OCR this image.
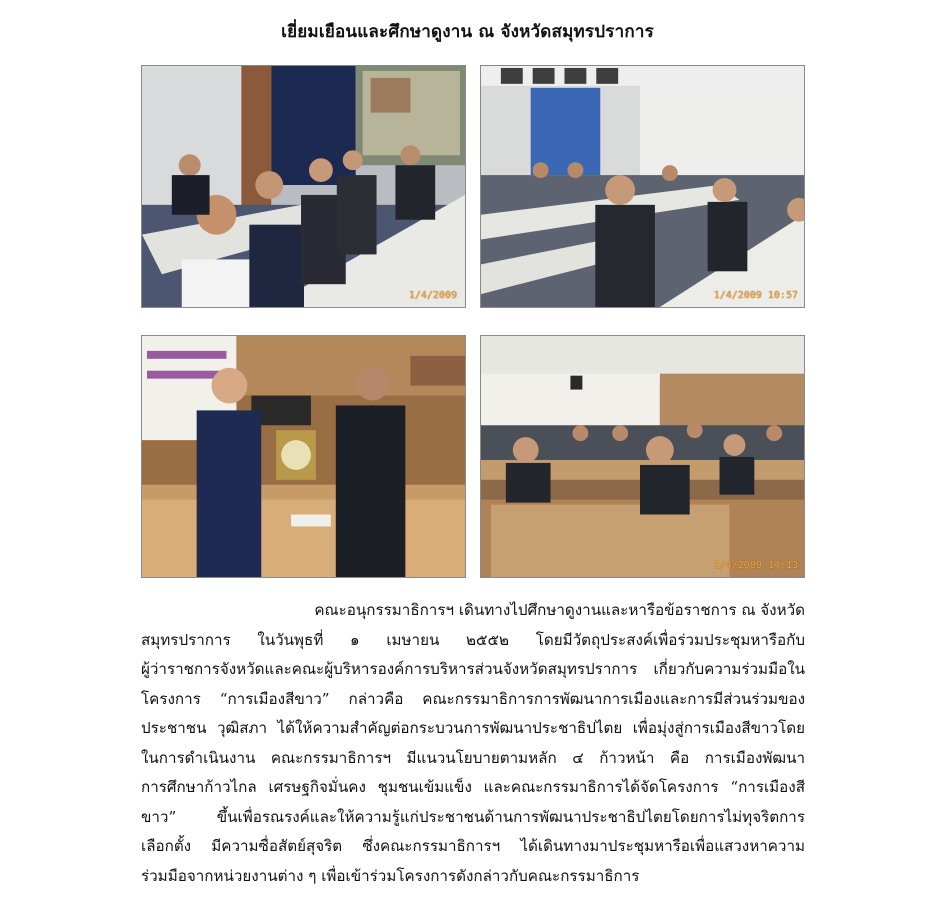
เยี่ยมเยือนและศึกษาดูงาน ณ จังหวัดสมุทรปราการ
1/4/2009	1/4/2009 10:57
1/4/2009 14:13
คณะอนุกรรมาธิการฯ เดินทางไปศึกษาดูงานและหารือข้อราชการ ณ จังหวัด
สมุทรปราการ ในวันพุธที่ ๑ เมษายน ๒๕๕๒ โดยมีวัตถุประสงค์เพื่อร่วมประชุมหารือกับ
ผู้ว่าราชการจังหวัดและคณะผู้บริหารองค์การบริหารส่วนจังหวัดสมุทรปราการ เกี่ยวกับความร่วมมือใน
โครงการ “การเมืองสีขาว” กล่าวคือ คณะกรรมาธิการการพัฒนาการเมืองและการมีส่วนร่วมของ
ประชาชน วุฒิสภา ได้ให้ความสำคัญต่อกระบวนการพัฒนาประชาธิปไตย เพื่อมุ่งสู่การเมืองสีขาวโดย
ในการดำเนินงาน คณะกรรมาธิการฯ มีแนวนโยบายตามหลัก ๔ ก้าวหน้า คือ การเมืองพัฒนา
การศึกษาก้าวไกล เศรษฐกิจมั่นคง ชุมชนเข้มแข็ง และคณะกรรมาธิการได้จัดโครงการ “การเมืองสี
ขาว” ขึ้นเพื่อรณรงค์และให้ความรู้แก่ประชาชนด้านการพัฒนาประชาธิปไตยโดยการไม่ทุจริตการ
เลือกตั้ง มีความซื่อสัตย์สุจริต ซึ่งคณะกรรมาธิการฯ ได้เดินทางมาประชุมหารือเพื่อแสวงหาความ
ร่วมมือจากหน่วยงานต่าง ๆ เพื่อเข้าร่วมโครงการดังกล่าวกับคณะกรรมาธิการ
